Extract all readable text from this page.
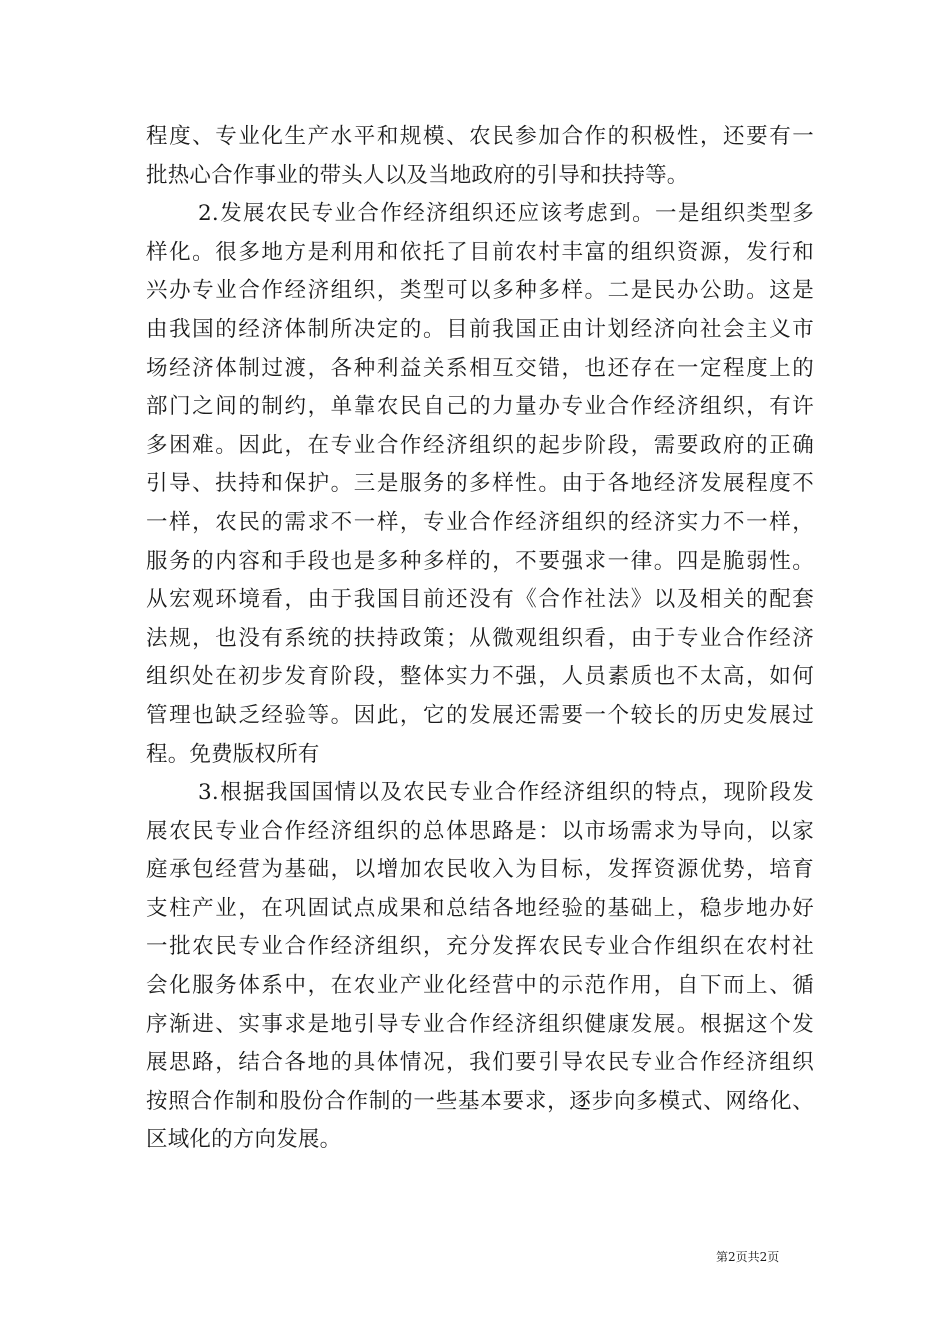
程度、专业化生产水平和规模、农民参加合作的积极性，还要有一
批热心合作事业的带头人以及当地政府的引导和扶持等。
2.发展农民专业合作经济组织还应该考虑到。一是组织类型多
样化。很多地方是利用和依托了目前农村丰富的组织资源，发行和
兴办专业合作经济组织，类型可以多种多样。二是民办公助。这是
由我国的经济体制所决定的。目前我国正由计划经济向社会主义市
场经济体制过渡，各种利益关系相互交错，也还存在一定程度上的
部门之间的制约，单靠农民自己的力量办专业合作经济组织，有许
多困难。因此，在专业合作经济组织的起步阶段，需要政府的正确
引导、扶持和保护。三是服务的多样性。由于各地经济发展程度不
一样，农民的需求不一样，专业合作经济组织的经济实力不一样，
服务的内容和手段也是多种多样的，不要强求一律。四是脆弱性。
从宏观环境看，由于我国目前还没有《合作社法》以及相关的配套
法规，也没有系统的扶持政策；从微观组织看，由于专业合作经济
组织处在初步发育阶段，整体实力不强，人员素质也不太高，如何
管理也缺乏经验等。因此，它的发展还需要一个较长的历史发展过
程。免费版权所有
3.根据我国国情以及农民专业合作经济组织的特点，现阶段发
展农民专业合作经济组织的总体思路是：以市场需求为导向，以家
庭承包经营为基础，以增加农民收入为目标，发挥资源优势，培育
支柱产业，在巩固试点成果和总结各地经验的基础上，稳步地办好
一批农民专业合作经济组织，充分发挥农民专业合作组织在农村社
会化服务体系中，在农业产业化经营中的示范作用，自下而上、循
序渐进、实事求是地引导专业合作经济组织健康发展。根据这个发
展思路，结合各地的具体情况，我们要引导农民专业合作经济组织
按照合作制和股份合作制的一些基本要求，逐步向多模式、网络化、
区域化的方向发展。
第2页共2页
